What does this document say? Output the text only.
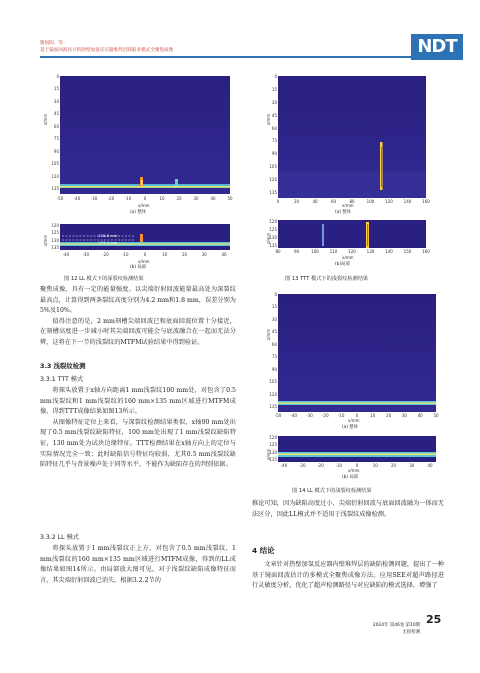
滕国阳，等：
基于镜面回波估计的肋壁加氢反应器堆焊层缺陷多模式全聚焦成像	NDT
z/mm
0
15
30
45
60
75
90
105
120
135
-50	-40	-30	-20	-10	0	10	20	30	40	50
x/mm
(a) 整体
136.8 mm
133.2 mm
z/mm
120
125
130
135
-40	-30	-20	-10	0	10	20	30	40
x/mm
(b) 局部
图 12 LL 模式下的深裂纹检测结果
z/mm
0
15
30
45
60
75
90
105
120
135
0	20	40	60	80	100	120	140	160
x/mm
(a) 整体
z/mm
120
125
130
135
80	90	100	110	120	130	140	150	160
x/mm
(b)局部
图 13 TTT 模式下的浅裂纹检测结果
z/mm
0
15
30
45
60
75
90
105
120
135
-50	-40	-30	-20	-10	0	10	20	30	40	50
x/mm
(a) 整体
z/mm
120
125
130
135
-40	-30	-20	-10	0	10	20	30	40
x/mm
(b) 局部
图 14 LL 模式下的浅裂纹检测结果
聚焦成像，具有一定的能量强度。以尖端衍射回波能量最高处为深裂纹最高点，计算得到两条裂纹高度分别为4.2 mm和1.8 mm，误差分别为5%及10%。

值得注意的是，2 mm刻槽尖端回波已和底面回波位置十分接近，在刻槽高度进一步减小时其尖端回波可能会与底波融合在一起而无法分辨，这将在下一节的浅裂纹的MTFM试验结果中得到验证。

3.3 浅裂纹检测
3.3.1 TTT 模式

将探头放置于x轴方向距离1 mm浅裂纹100 mm处，对包含了0.5 mm浅裂纹和1 mm浅裂纹的160 mm×135 mm区域进行MTFM成像，得到TTT成像结果如图13所示。

从图像特征定位上来看，与深裂纹检测结果类似，x轴90 mm处出现了0.5 mm浅裂纹缺陷特征，100 mm处出现了1 mm浅裂纹缺陷特征，130 mm处为试块边缘特征。TTT检测结果在x轴方向上的定位与实际情况完全一致；此时缺陷信号特征均较弱，尤其0.5 mm浅裂纹缺陷特征几乎与背景噪声处于同等水平，不能作为缺陷存在的判别依据。

3.3.2 LL 模式

将探头放置于1 mm浅裂纹正上方，对包含了0.5 mm浅裂纹、1 mm浅裂纹的160 mm×135 mm区域进行MTFM成像，得到的LL成像结果如图14所示。由局部放大图可见，对于浅裂纹缺陷成像特征而言，其尖端衍射回波已消失。根据3.2.2节的

推论可知，因为缺陷高度过小，尖端衍射回波与底面回波融为一体而无法区分，因此LL模式并不适用于浅裂纹成像检测。
4 结论

文章针对热壁加氢反应器内壁堆焊层的缺陷检测问题，提出了一种基于镜面回波估计的多模式全聚焦成像方法。应用SEE对超声路径进行灵敏度分析，优化了超声检测路径与对应缺陷的模式选择，增强了

25
2024年 第46卷 第10期
无损检测
